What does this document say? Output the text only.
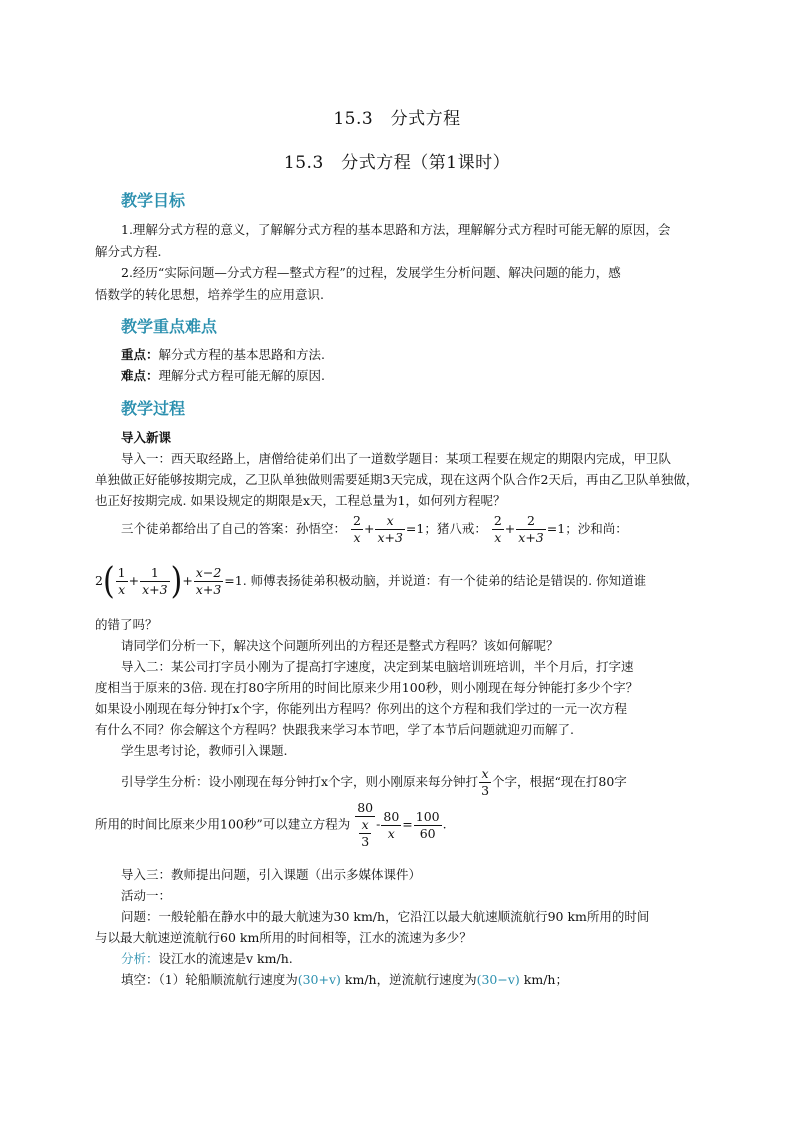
15.3　分式方程
15.3　分式方程（第1课时）
教学目标
1.理解分式方程的意义，了解解分式方程的基本思路和方法，理解解分式方程时可能无解的原因，会
解分式方程.
2.经历“实际问题—分式方程—整式方程”的过程，发展学生分析问题、解决问题的能力，感
悟数学的转化思想，培养学生的应用意识.
教学重点难点
重点：解分式方程的基本思路和方法.
难点：理解分式方程可能无解的原因.
教学过程
导入新课
导入一：西天取经路上，唐僧给徒弟们出了一道数学题目：某项工程要在规定的期限内完成，甲卫队
单独做正好能够按期完成，乙卫队单独做则需要延期3天完成，现在这两个队合作2天后，再由乙卫队单独做，
也正好按期完成. 如果设规定的期限是x天，工程总量为1，如何列方程呢？
三个徒弟都给出了自己的答案：孙悟空： $\frac{2}{x} + \frac{x}{x+3} =1$；猪八戒： $\frac{2}{x} + \frac{2}{x+3} =1$；沙和尚：
$2( \frac{1}{x} + \frac{1}{x+3}$ )+ $\frac{x-2}{x+3} =1$. 师傅表扬徒弟积极动脑，并说道：有一个徒弟的结论是错误的. 你知道谁
的错了吗？
请同学们分析一下，解决这个问题所列出的方程还是整式方程吗？该如何解呢？
导入二：某公司打字员小刚为了提高打字速度，决定到某电脑培训班培训，半个月后，打字速
度相当于原来的3倍. 现在打80字所用的时间比原来少用100秒，则小刚现在每分钟能打多少个字？
如果设小刚现在每分钟打x个字，你能列出方程吗？你列出的这个方程和我们学过的一元一次方程
有什么不同？你会解这个方程吗？快跟我来学习本节吧，学了本节后问题就迎刃而解了.
学生思考讨论，教师引入课题.
引导学生分析：设小刚现在每分钟打x个字，则小刚原来每分钟打 $\frac{x}{3}$ 个字，根据“现在打80字
所用的时间比原来少用100秒”可以建立方程为 $\frac{80}{\frac{x}{3}} - \frac{80}{x} = \frac{100}{60}$ .
导入三：教师提出问题，引入课题（出示多媒体课件）
活动一：
问题：一般轮船在静水中的最大航速为30 km/h，它沿江以最大航速顺流航行90 km所用的时间
与以最大航速逆流航行60 km所用的时间相等，江水的流速为多少？
分析：设江水的流速是v km/h.
填空：（1）轮船顺流航行速度为(30+v) km/h，逆流航行速度为(30−v) km/h；
